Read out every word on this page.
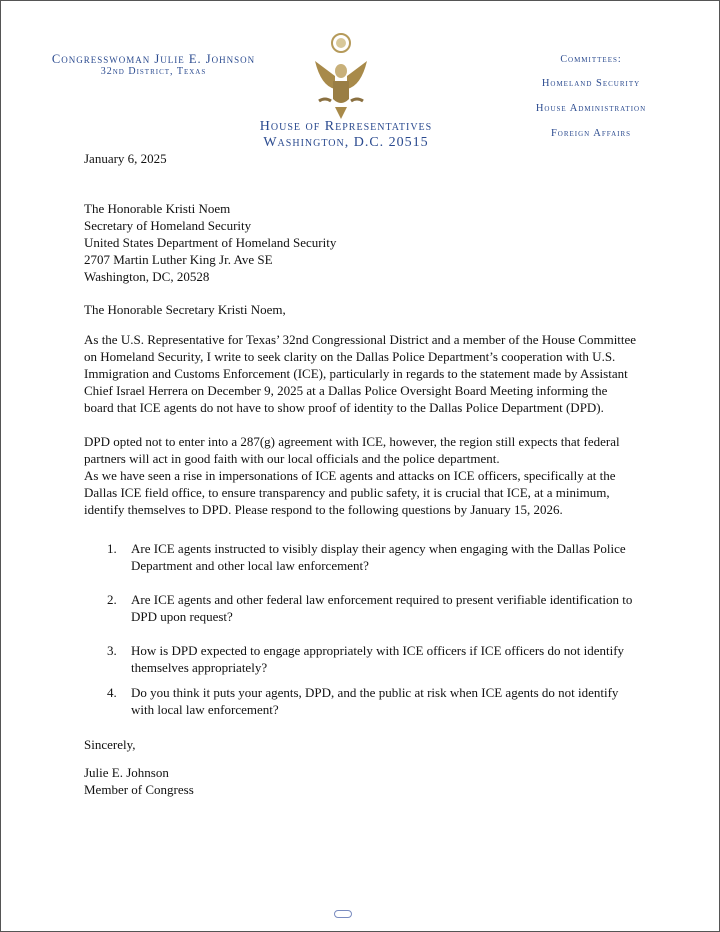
Congresswoman Julie E. Johnson
32nd District, Texas
House of Representatives
Washington, D.C. 20515
Committees:
Homeland Security
House Administration
Foreign Affairs
January 6, 2025
The Honorable Kristi Noem
Secretary of Homeland Security
United States Department of Homeland Security
2707 Martin Luther King Jr. Ave SE
Washington, DC, 20528
The Honorable Secretary Kristi Noem,
As the U.S. Representative for Texas’ 32nd Congressional District and a member of the House Committee
on Homeland Security, I write to seek clarity on the Dallas Police Department’s cooperation with U.S.
Immigration and Customs Enforcement (ICE), particularly in regards to the statement made by Assistant
Chief Israel Herrera on December 9, 2025 at a Dallas Police Oversight Board Meeting informing the
board that ICE agents do not have to show proof of identity to the Dallas Police Department (DPD).
DPD opted not to enter into a 287(g) agreement with ICE, however, the region still expects that federal
partners will act in good faith with our local officials and the police department.
As we have seen a rise in impersonations of ICE agents and attacks on ICE officers, specifically at the
Dallas ICE field office, to ensure transparency and public safety, it is crucial that ICE, at a minimum,
identify themselves to DPD. Please respond to the following questions by January 15, 2026.
1. Are ICE agents instructed to visibly display their agency when engaging with the Dallas Police
Department and other local law enforcement?
2. Are ICE agents and other federal law enforcement required to present verifiable identification to
DPD upon request?
3. How is DPD expected to engage appropriately with ICE officers if ICE officers do not identify
themselves appropriately?
4. Do you think it puts your agents, DPD, and the public at risk when ICE agents do not identify
with local law enforcement?
Sincerely,
Julie E. Johnson
Member of Congress
